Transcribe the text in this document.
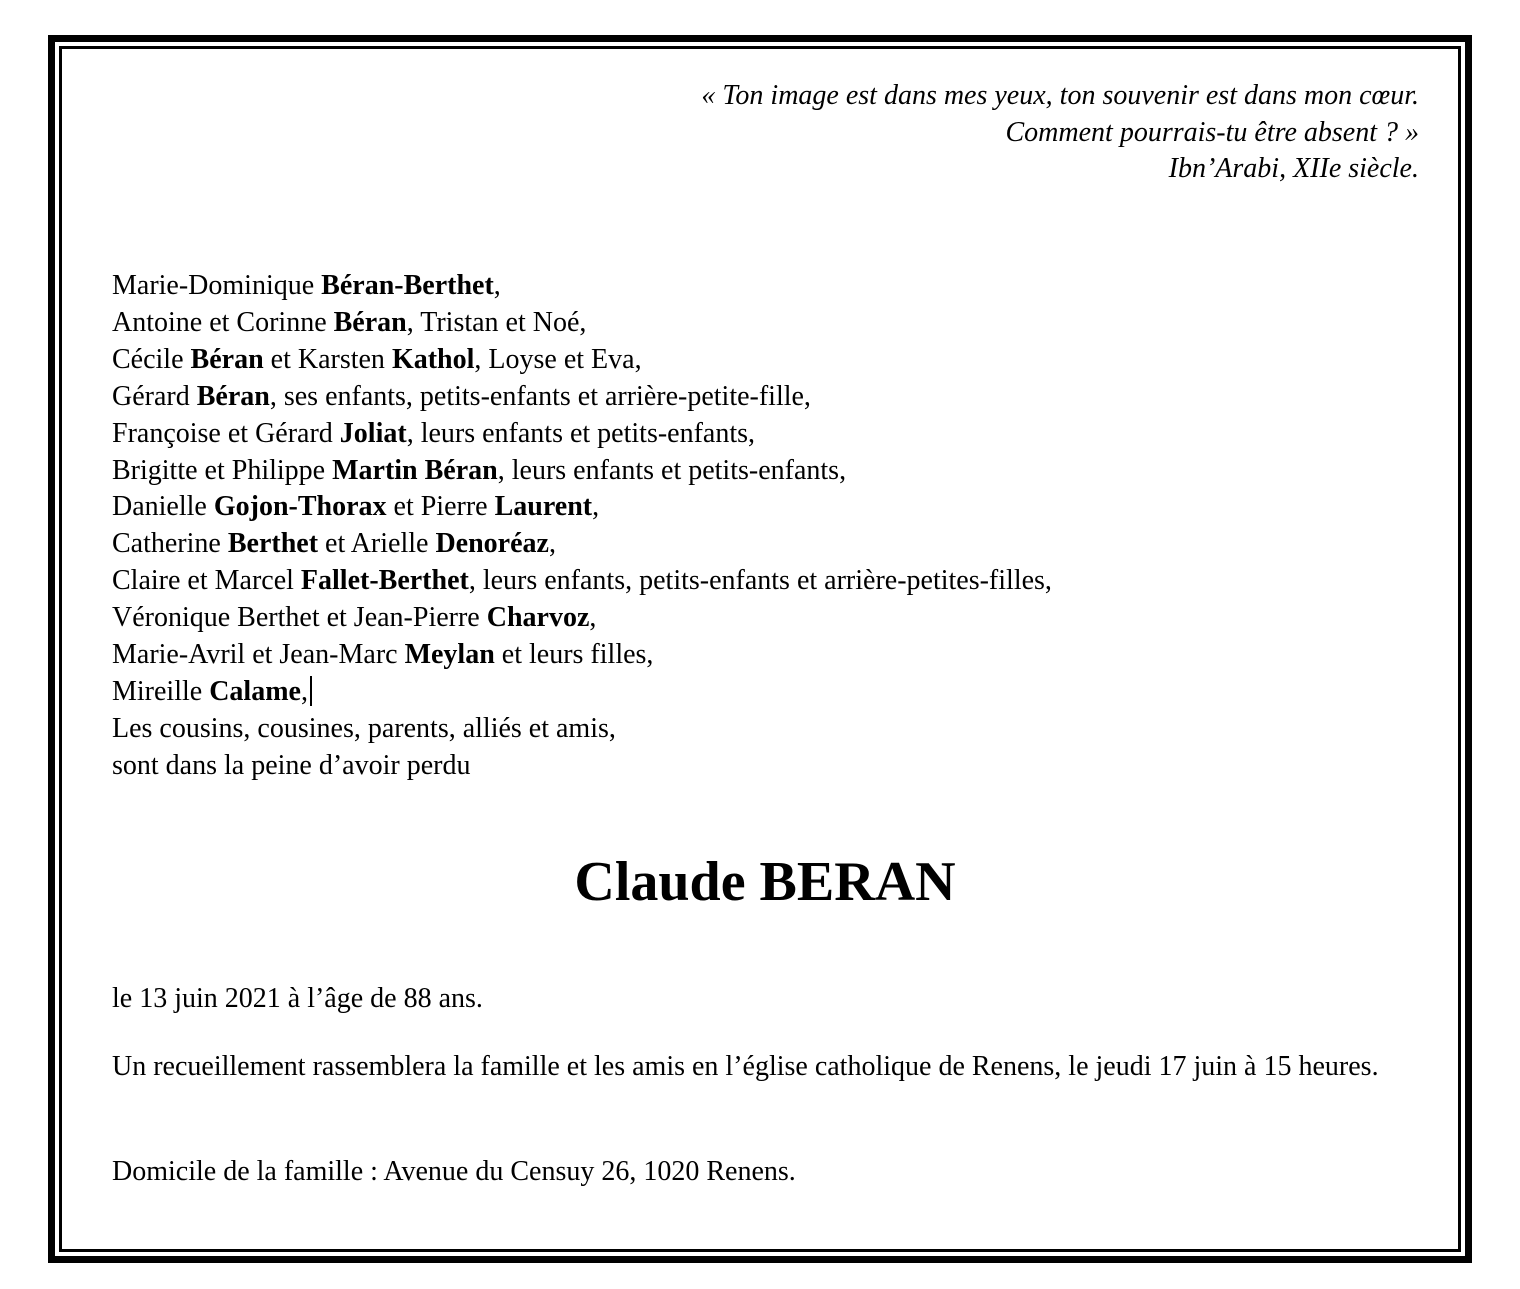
« Ton image est dans mes yeux, ton souvenir est dans mon cœur.
Comment pourrais-tu être absent ? »
Ibn’Arabi, XIIe siècle.
Marie-Dominique Béran-Berthet,
Antoine et Corinne Béran, Tristan et Noé,
Cécile Béran et Karsten Kathol, Loyse et Eva,
Gérard Béran, ses enfants, petits-enfants et arrière-petite-fille,
Françoise et Gérard Joliat, leurs enfants et petits-enfants,
Brigitte et Philippe Martin Béran, leurs enfants et petits-enfants,
Danielle Gojon-Thorax et Pierre Laurent,
Catherine Berthet et Arielle Denoréaz,
Claire et Marcel Fallet-Berthet, leurs enfants, petits-enfants et arrière-petites-filles,
Véronique Berthet et Jean-Pierre Charvoz,
Marie-Avril et Jean-Marc Meylan et leurs filles,
Mireille Calame,
Les cousins, cousines, parents, alliés et amis,
sont dans la peine d’avoir perdu
Claude BERAN
le 13 juin 2021 à l’âge de 88 ans.
Un recueillement rassemblera la famille et les amis en l’église catholique de Renens, le jeudi 17 juin à 15 heures.
Domicile de la famille : Avenue du Censuy 26, 1020 Renens.
